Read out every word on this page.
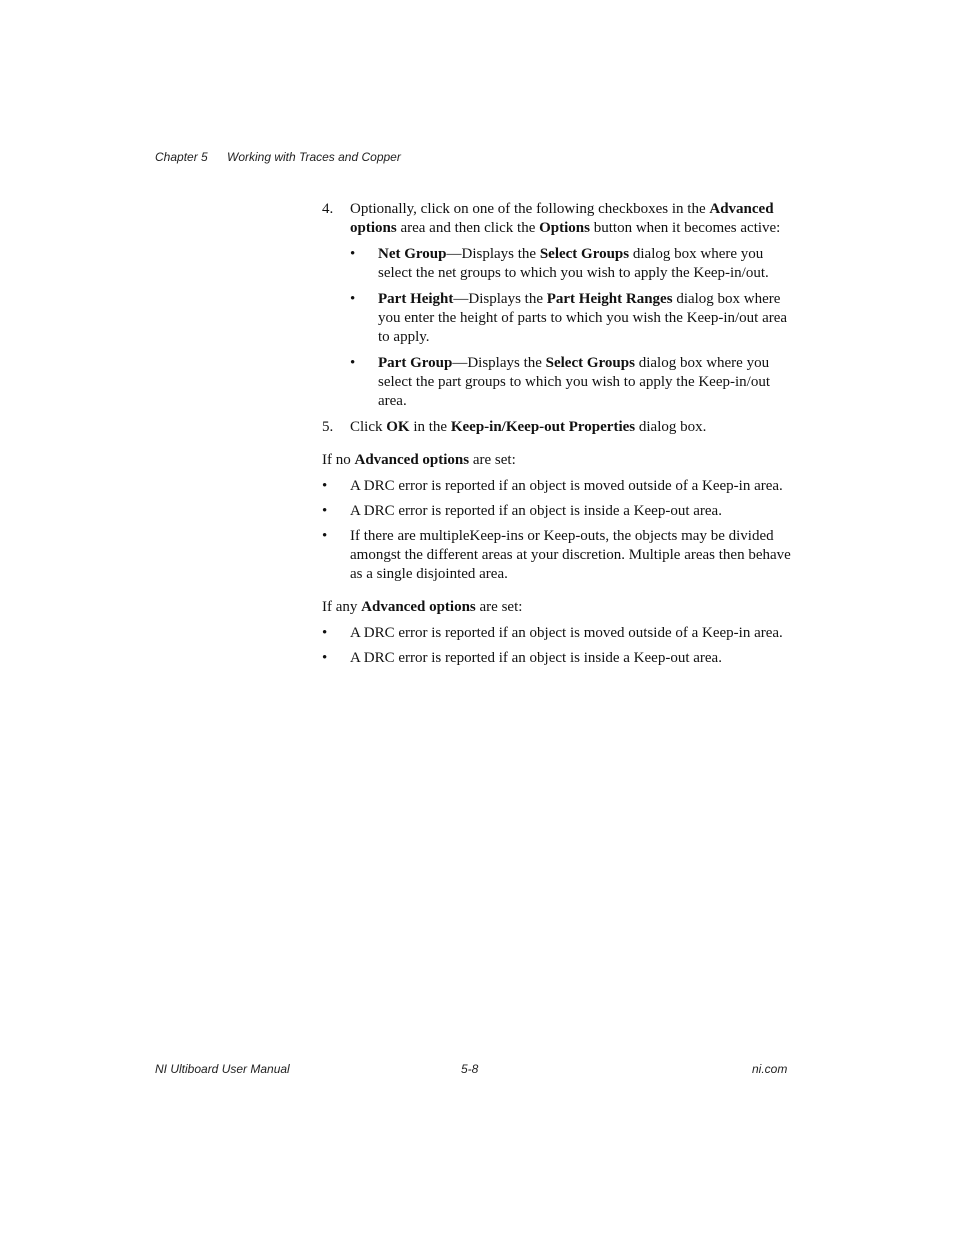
Chapter 5 Working with Traces and Copper
4. Optionally, click on one of the following checkboxes in the Advanced options area and then click the Options button when it becomes active:
• Net Group—Displays the Select Groups dialog box where you select the net groups to which you wish to apply the Keep-in/out.
• Part Height—Displays the Part Height Ranges dialog box where you enter the height of parts to which you wish the Keep-in/out area to apply.
• Part Group—Displays the Select Groups dialog box where you select the part groups to which you wish to apply the Keep-in/out area.
5. Click OK in the Keep-in/Keep-out Properties dialog box.
If no Advanced options are set:
• A DRC error is reported if an object is moved outside of a Keep-in area.
• A DRC error is reported if an object is inside a Keep-out area.
• If there are multipleKeep-ins or Keep-outs, the objects may be divided amongst the different areas at your discretion. Multiple areas then behave as a single disjointed area.
If any Advanced options are set:
• A DRC error is reported if an object is moved outside of a Keep-in area.
• A DRC error is reported if an object is inside a Keep-out area.
NI Ultiboard User Manual	5-8	ni.com
